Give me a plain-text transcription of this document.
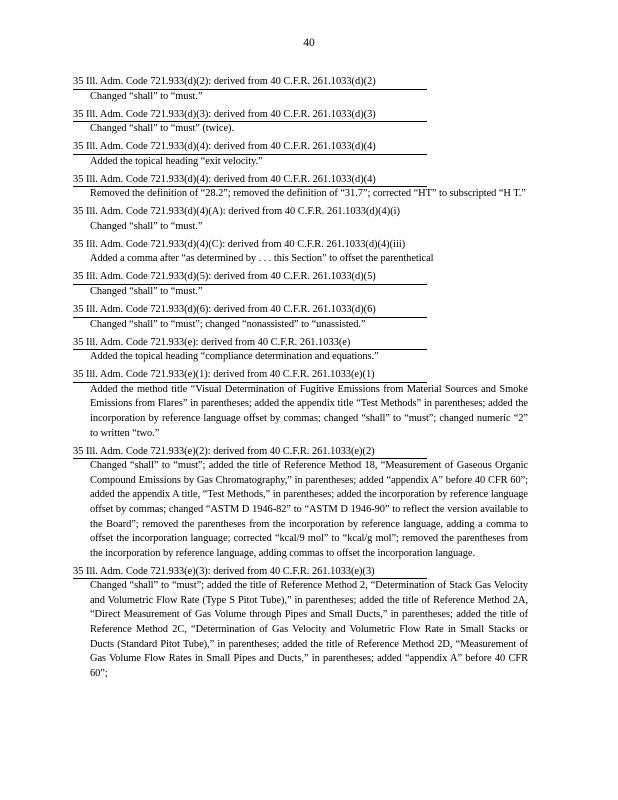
40
35 Ill. Adm. Code 721.933(d)(2): derived from 40 C.F.R. 261.1033(d)(2)
Changed “shall” to “must.”
35 Ill. Adm. Code 721.933(d)(3): derived from 40 C.F.R. 261.1033(d)(3)
Changed “shall” to “must” (twice).
35 Ill. Adm. Code 721.933(d)(4): derived from 40 C.F.R. 261.1033(d)(4)
Added the topical heading “exit velocity.”
35 Ill. Adm. Code 721.933(d)(4): derived from 40 C.F.R. 261.1033(d)(4)
Removed the definition of “28.2”; removed the definition of “31.7”; corrected “HT” to subscripted “H T.”
35 Ill. Adm. Code 721.933(d)(4)(A): derived from 40 C.F.R. 261.1033(d)(4)(i)
Changed “shall” to “must.”
35 Ill. Adm. Code 721.933(d)(4)(C): derived from 40 C.F.R. 261.1033(d)(4)(iii)
Added a comma after “as determined by . . . this Section” to offset the parenthetical
35 Ill. Adm. Code 721.933(d)(5): derived from 40 C.F.R. 261.1033(d)(5)
Changed “shall” to “must.”
35 Ill. Adm. Code 721.933(d)(6): derived from 40 C.F.R. 261.1033(d)(6)
Changed “shall” to “must”; changed “nonassisted” to “unassisted.”
35 Ill. Adm. Code 721.933(e): derived from 40 C.F.R. 261.1033(e)
Added the topical heading “compliance determination and equations.”
35 Ill. Adm. Code 721.933(e)(1): derived from 40 C.F.R. 261.1033(e)(1)
Added the method title “Visual Determination of Fugitive Emissions from Material Sources and Smoke Emissions from Flares” in parentheses; added the appendix title “Test Methods” in parentheses; added the incorporation by reference language offset by commas; changed “shall” to “must”; changed numeric “2” to written “two.”
35 Ill. Adm. Code 721.933(e)(2): derived from 40 C.F.R. 261.1033(e)(2)
Changed “shall” to “must”; added the title of Reference Method 18, “Measurement of Gaseous Organic Compound Emissions by Gas Chromatography,” in parentheses; added “appendix A” before 40 CFR 60”; added the appendix A title, “Test Methods,” in parentheses; added the incorporation by reference language offset by commas; changed “ASTM D 1946-82” to “ASTM D 1946-90” to reflect the version available to the Board”; removed the parentheses from the incorporation by reference language, adding a comma to offset the incorporation language; corrected “kcal/9 mol” to “kcal/g mol”; removed the parentheses from the incorporation by reference language, adding commas to offset the incorporation language.
35 Ill. Adm. Code 721.933(e)(3): derived from 40 C.F.R. 261.1033(e)(3)
Changed “shall” to “must”; added the title of Reference Method 2, “Determination of Stack Gas Velocity and Volumetric Flow Rate (Type S Pitot Tube),” in parentheses; added the title of Reference Method 2A, “Direct Measurement of Gas Volume through Pipes and Small Ducts,” in parentheses; added the title of Reference Method 2C, “Determination of Gas Velocity and Volumetric Flow Rate in Small Stacks or Ducts (Standard Pitot Tube),” in parentheses; added the title of Reference Method 2D, “Measurement of Gas Volume Flow Rates in Small Pipes and Ducts,” in parentheses; added “appendix A” before 40 CFR 60”;
